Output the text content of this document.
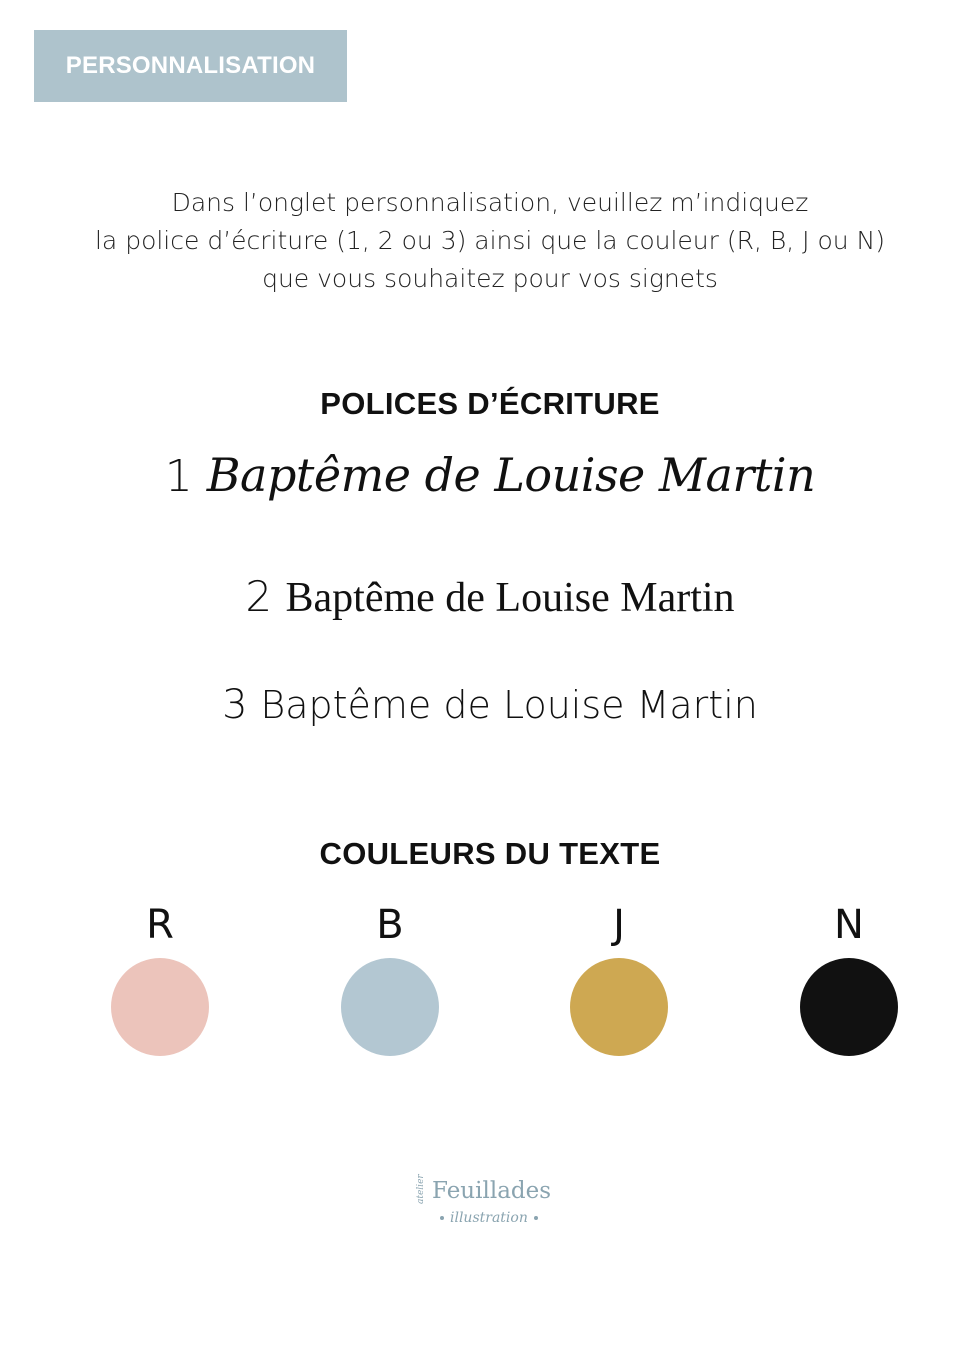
PERSONNALISATION
Dans l’onglet personnalisation, veuillez m’indiquez
la police d’écriture (1, 2 ou 3) ainsi que la couleur (R, B, J ou N)
que vous souhaitez pour vos signets
POLICES D’ÉCRITURE
1 Baptême de Louise Martin
2 Baptême de Louise Martin
3 Baptême de Louise Martin
COULEURS DU TEXTE
R	B	J	N
atelier Feuillades
illustration
